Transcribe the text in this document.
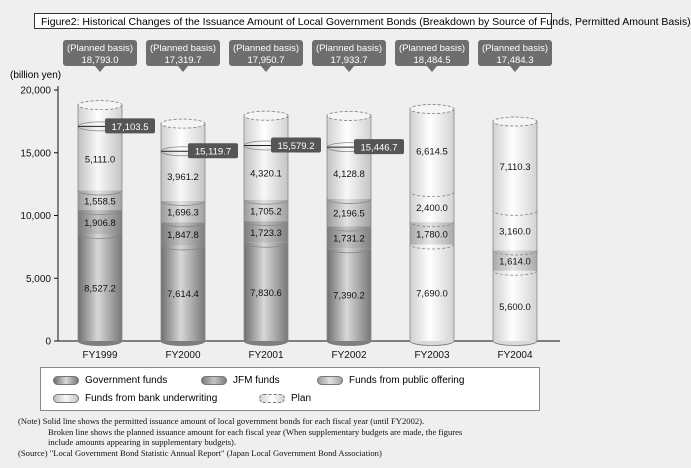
Figure2: Historical Changes of the Issuance Amount of Local Government Bonds (Breakdown by Source of Funds, Permitted Amount Basis)
(billion yen)
0
5,000
10,000
15,000
20,000
8,527.2
1,906.8
1,558.5
5,111.0
17,103.5
(Planned basis)
18,793.0
FY1999
7,614.4
1,847.8
1,696.3
3,961.2
15,119.7
(Planned basis)
17,319.7
FY2000
7,830.6
1,723.3
1,705.2
4,320.1
15,579.2
(Planned basis)
17,950.7
FY2001
7,390.2
1,731.2
2,196.5
4,128.8
15,446.7
(Planned basis)
17,933.7
FY2002
7,690.0
1,780.0
2,400.0
6,614.5
(Planned basis)
18,484.5
FY2003
5,600.0
1,614.0
3,160.0
7,110.3
(Planned basis)
17,484.3
FY2004
Government funds	JFM funds	Funds from public offering
Funds from bank underwriting	Plan
(Note) Solid line shows the permitted issuance amount of local government bonds for each fiscal year (until FY2002).
Broken line shows the planned issuance amount for each fiscal year (When supplementary budgets are made, the figures
include amounts appearing in supplementary budgets).
(Source) "Local Government Bond Statistic Annual Report" (Japan Local Government Bond Association)
